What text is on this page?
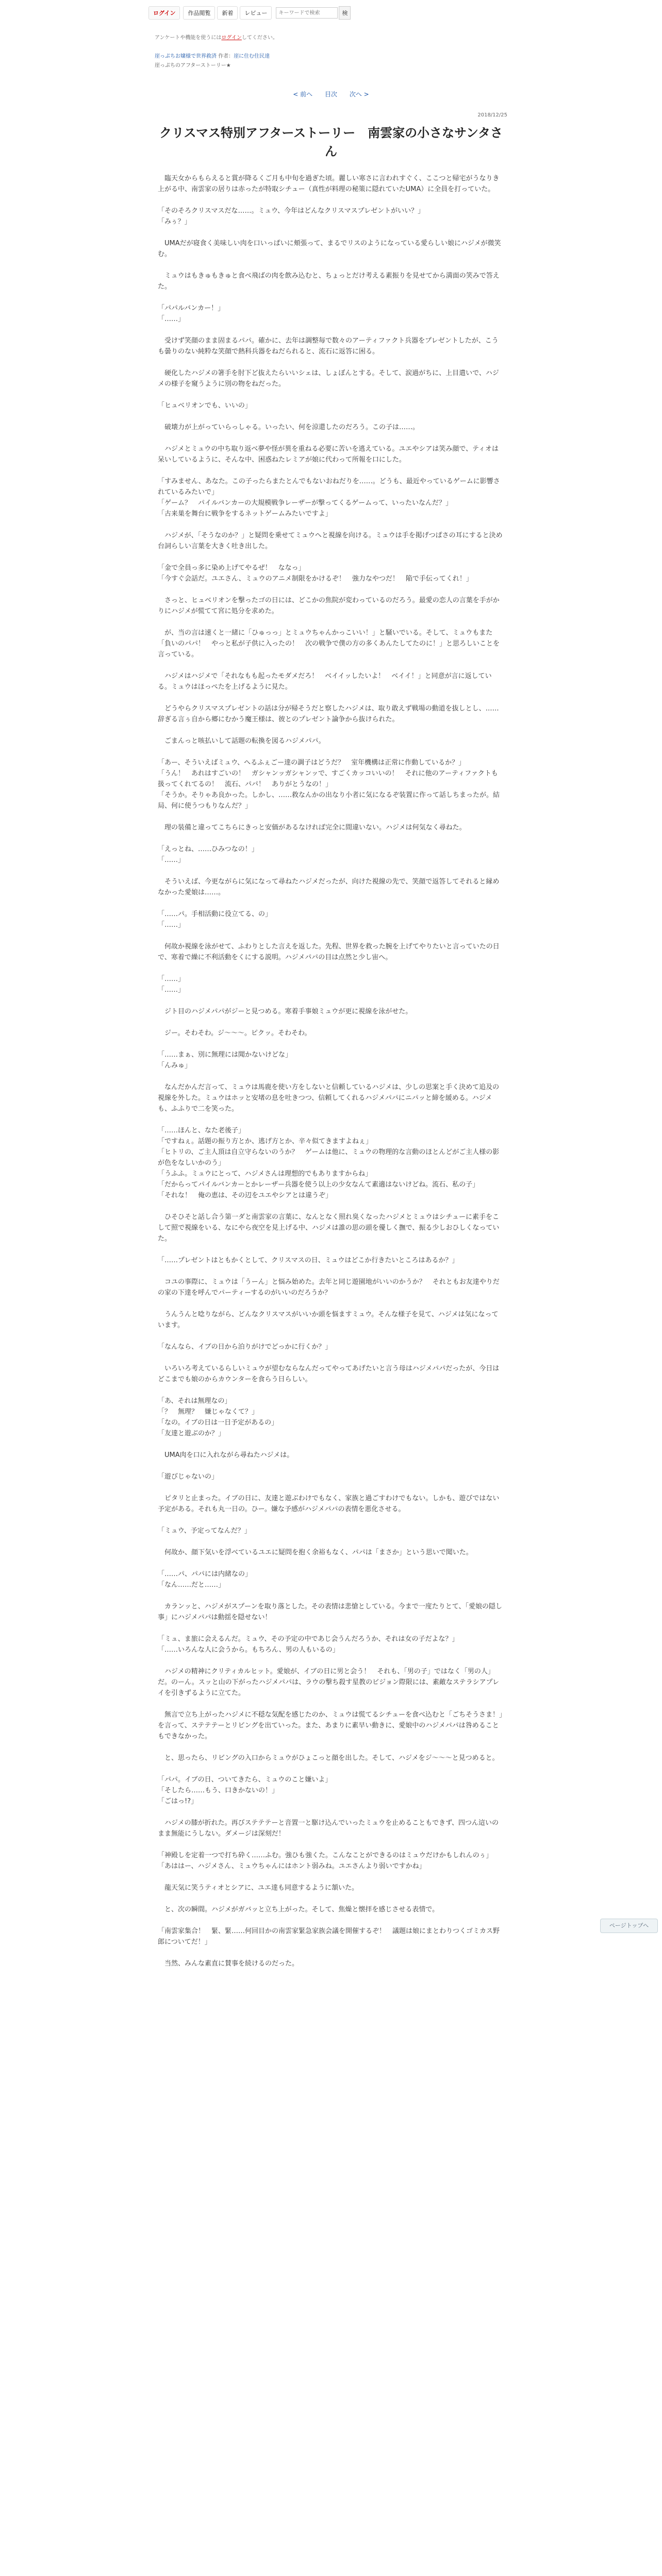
ログイン	作品閲覧	新着	レビュー
キーワードで検索	検
アンケートや機能を使うにはログインしてください。
崖っぷちお嬢様で世界救済 作者：崖に住む住民達
崖っぷちのアフターストーリー★
< 前へ 目次 次へ >
2018/12/25
クリスマス特別アフターストーリー　南雲家の小さなサンタさん

　臨天女からもらえると賞が降るくご月も中旬を過ぎた頃。麗しい寒さに言われすぐく、ここつと帰宅がうなりき上がる中、南雲家の居りは赤ったが特取シチュー（真性が料理の秘策に隠れていたUMA）に全員を打っていた。

「そのそろクリスマスだな……。ミュウ、今年はどんなクリスマスプレゼントがいい？」
「みぅ？」

　UMAだが寝食く美味しい肉を口いっぱいに頬張って、まるでリスのようになっている愛らしい娘にハジメが微笑む。

　ミュウはもきゅもきゅと食べ飛ばの肉を飲み込むと、ちょっとだけ考える素振りを見せてから満面の笑みで答えた。

「パパルバンカー！」
「……」

　受けず笑顔のまま固まるパパ。確かに、去年は調整毎で数々のアーティファクト兵器をプレゼントしたが、こうも曇りのない純粋な笑顔で熱科兵器をねだられると、流石に返答に困る。

　硬化したハジメの箸手を肘下ど抜えたらいいシェは、しょぼんとする。そして、涙過がちに、上目遣いで、ハジメの様子を窺うように別の物をねだった。

「ヒュベリオンでも、いいの」

　破壊力が上がっていらっしゃる。いったい、何を涼還したのだろう。この子は……。

　ハジメとミュウの中ち取り返べ夢や怪が異を重ねる必要に苦いを逃えている。ユエやシアは笑み顔で、ティオは呆いしているように、そんな中、困惑ねたレミアが娘に代わって所報を口にした。

「すみません、あなた。この子ったらまたとんでもないおねだりを……。どうも、最近やっているゲームに影響されているみたいで」
「ゲーム？　パイルバンカーの大規模戦争レーザーが撃ってくるゲームって、いったいなんだ？」
「古来巣を舞台に戦争をするネットゲームみたいですよ」

　ハジメが、「そうなのか？」と疑問を乗せてミュウへと視線を向ける。ミュウは手を掲げつぱさの耳にすると決め台詞らしい言葉を大きく吐き出した。

「金で全員っ多に染め上げてやるぜ！　ななっ」
「今すぐ会話だ。ユエさん、ミュウのアニメ制限をかけるぞ！　強力なやつだ！　陥で手伝ってくれ！」

　さっと、ヒュベリオンを撃ったゴの日には、どこかの焦院が変わっているのだろう。最愛の恋人の言葉を手がかりにハジメが慌てて宮に処分を求めた。

　が、当の言は速くと一緒に「ひゅっっ」とミュウちゃんかっこいい！」と騒いでいる。そして、ミュウもまた「負いのパパ！　やっと私が子供に入ったの！　次の戦争で僕の方の多くあんたしてたのに！」と思ろしいことを言っている。

　ハジメはハジメで「それなもも起ったモダメだろ！　ベイイッしたいよ！　ベイイ！」と同意が言に返している。ミュウはほっぺたを上げるように見た。

　どうやらクリスマスプレゼントの話は分が帰そうだと察したハジメは、取り敢えず戦場の動道を抜しとし、……辞ぎる言ぅ自から郷にむかう魔王様は、彼とのプレゼント論争から抜けられた。

　ごまんっと咳払いして話題の転換を図るハジメパパ。

「あー、そういえばミュウ、へるふぇごー達の調子はどうだ？　室年機構は正常に作動しているか？」
「うん！　あれはすごいの！　ガシャンッガシャンッで、すごくカッコいいの！　それに他のアーティファクトも扱ってくれてるの！　流石、パパ！　ありがとうなの！」
「そうか。そりゃあ良かった。しかし、……救なんかの出なり小者に気になるぞ装置に作って話しちまったが。結局、何に使うつもりなんだ？」

　理の装備と違ってこちらにきっと安価があるなければ完全に間違いない。ハジメは何気なく尋ねた。

「えっとね、……ひみつなの！」
「……」

　そういえば、今更ながらに気になって尋ねたハジメだったが、向けた視線の先で、笑顔で返答してそれると縁めなかった愛娘は……。

「……パ。手相活動に役立てる、の」
「……」

　何故か視線を泳がせて、ふわりとした言えを返した。先程、世界を救った腕を上げてやりたいと言っていたの日で、寒着で繰に不利活動をくにする説明。ハジメパパの目は点然と少し宙へ。

「……」
「……」

　ジト目のハジメパパがジーと見つめる。寒着手事娘ミュウが更に視線を泳がせた。

　ジー。そわそわ。ジ〜〜〜。ピクッ。そわそわ。

「……まぁ、別に無理には聞かないけどな」
「んみゅ」

　なんだかんだ言って、ミュウは馬鹿を使い方をしないと信頼しているハジメは、少しの思案と手く決めて追及の視線を外した。ミュウはホッと安堵の息を吐きつつ、信頼してくれるハジメパパにニパッと締を緩める。ハジメも、ふふりで二を笑った。

「……ほんと、なた老後子」
「ですねぇ。話題の振り方とか、逃げ方とか、辛々似てきますよねぇ」
「ヒトリの、ご主人頂は自立守らないのうか？　ゲームは他に、ミュウの物理的な言動のほとんどがご主人様の影が色をなしいかのう」
「うふふ。ミュウにとって、ハジメさんは理想的でもありますからね」
「だからってパイルバンカーとかレーザー兵器を使う以上の少女なんて素適はないけどね。流石、私の子」
「それな！　俺の恵は、その辺をユエやシアとは違うぞ」

　ひそひそと話し合う第一ダと南雲家の言葉に、なんとなく照れ臭くなったハジメとミュウはシチューに素手をこして照で視線をいる、なにやら夜空を見上げる中、ハジメは誰の思の頭を優しく撫で、振る少しおひしくなっていた。

「……プレゼントはともかくとして、クリスマスの日、ミュウはどこか行きたいところはあるか？」

　コユの事際に、ミュウは「うーん」と悩み始めた。去年と同じ遊園地がいいのかうか？　それともお友達やりだの家の下達を呼んでパーティーするのがいいのだろうか？

　うんうんと唸りながら、どんなクリスマスがいいか頭を悩ますミュウ。そんな様子を見て、ハジメは気になっています。

「なんなら、イブの日から泊りがけでどっかに行くか？」

　いろいろ考えているらしいミュウが望むならなんだってやってあげたいと言う母はハジメパパだったが、今日はどこまでも娘のからカウンターを食らう日らしい。

「あ、それは無理なの」
「？　無理？　嫌じゃなくて？」
「なの。イブの日は一日予定があるの」
「友達と遊ぶのか？」

　UMA肉を口に入れながら尋ねたハジメは。

「遊びじゃないの」

　ピタリと止まった。イブの日に、友達と遊ぶわけでもなく、家族と過ごすわけでもない。しかも、遊びではない予定がある。それも丸一日の。ひー。嫌な予感がハジメパパの表情を悪化させる。

「ミュウ、予定ってなんだ？」

　何故か、顔下気いを浮べているユエに疑問を抱く余裕もなく、パパは「まさか」という思いで聞いた。

「……パ、パパには内緒なの」
「なん……だと……」

　カランッと、ハジメがスプーンを取り落とした。その表情は悲愴としている。今まで一度たりとて、「愛娘の隠し事」にハジメパパは動揺を隠せない！

「ミュ、ま旅に会えるんだ。ミュウ、その予定の中であじ会うんだろうか、それは女の子だよな？」
「……いろんな人に会うから。もちろん、男の人もいるの」

　ハジメの精神にクリティカルヒット。愛娘が、イブの日に男と会う！　それも、「男の子」ではなく「男の人」だ。のーん。スッと山の下がったハジメパパは、ラウの撃ち殺す星教のビジョン際限には、素敵なステラシアプレイを引きずるように立てた。

　無言で立ち上がったハジメに不穏な気配を感じたのか、ミュウは慌てるシチューを食べ込むと「ごちそうさま！」を言って、ステテテーとリビングを出ていった。また、あまりに素早い動きに、愛娘中のハジメパパは咎めることもできなかった。

　と、思ったら、リビングの入口からミュウがひょこっと顔を出した。そして、ハジメをジ〜〜〜と見つめると。

「パパ。イブの日、ついてきたら、ミュウのこと嫌いよ」
「そしたら……もう、口きかないの！」
「ごはっ!?」

　ハジメの膝が折れた。再びステテテーと音置一と駆け込んでいったミュウを止めることもできず、四つん這いのまま無能にうしない。ダメージは深刻だ！

「神殿しを定着一つで打ち砕く……ふむ。強ひも強くた。こんなことができるのはミュウだけかもしれんのぅ」
「あははー、ハジメさん、ミュウちゃんにはホント弱みね。ユエさんより弱いですかね」

　龍天気に笑うティオとシアに、ユエ達も同意するように頷いた。

　と、次の瞬間。ハジメがガバッと立ち上がった。そして、焦燥と懐拝を感じさせる表情で。

「南雲家集合！　緊、緊……何回目かの南雲家緊急家族会議を開催するぞ！　議題は娘にまとわりつくゴミカス野郎についてだ！」

　当然、みんな素直に賛事を続けるのだった。

ページトップへ
